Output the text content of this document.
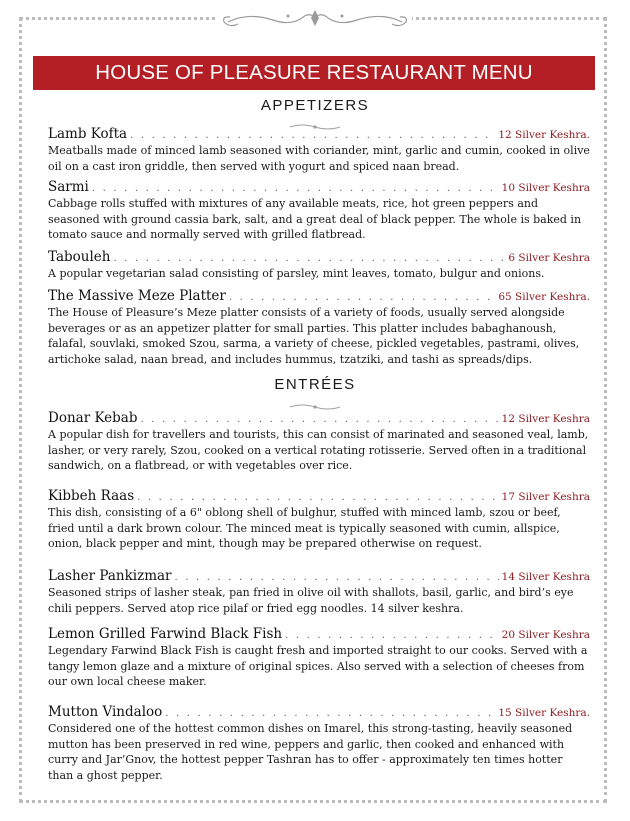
HOUSE OF PLEASURE RESTAURANT MENU
APPETIZERS
Lamb Kofta . . .	12 Silver Keshra.
Meatballs made of minced lamb seasoned with coriander, mint, garlic and cumin, cooked in olive oil on a cast iron griddle, then served with yogurt and spiced naan bread.
Sarmi . . .	10 Silver Keshra
Cabbage rolls stuffed with mixtures of any available meats, rice, hot green peppers and seasoned with ground cassia bark, salt, and a great deal of black pepper. The whole is baked in tomato sauce and normally served with grilled flatbread.
Tabouleh . . .	6 Silver Keshra
A popular vegetarian salad consisting of parsley, mint leaves, tomato, bulgur and onions.
The Massive Meze Platter . . .	65 Silver Keshra.
The House of Pleasure’s Meze platter consists of a variety of foods, usually served alongside beverages or as an appetizer platter for small parties. This platter includes babaghanoush, falafal, souvlaki, smoked Szou, sarma, a variety of cheese, pickled vegetables, pastrami, olives, artichoke salad, naan bread, and includes hummus, tzatziki, and tashi as spreads/dips.
ENTRÉES
Donar Kebab . . .	12 Silver Keshra
A popular dish for travellers and tourists, this can consist of marinated and seasoned veal, lamb, lasher, or very rarely, Szou, cooked on a vertical rotating rotisserie. Served often in a traditional sandwich, on a flatbread, or with vegetables over rice.
Kibbeh Raas . . .	17 Silver Keshra
This dish, consisting of a 6" oblong shell of bulghur, stuffed with minced lamb, szou or beef, fried until a dark brown colour. The minced meat is typically seasoned with cumin, allspice, onion, black pepper and mint, though may be prepared otherwise on request.
Lasher Pankizmar . . .	14 Silver Keshra
Seasoned strips of lasher steak, pan fried in olive oil with shallots, basil, garlic, and bird’s eye chili peppers. Served atop rice pilaf or fried egg noodles. 14 silver keshra.
Lemon Grilled Farwind Black Fish . . .	20 Silver Keshra
Legendary Farwind Black Fish is caught fresh and imported straight to our cooks. Served with a tangy lemon glaze and a mixture of original spices. Also served with a selection of cheeses from our own local cheese maker.
Mutton Vindaloo . . .	15 Silver Keshra.
Considered one of the hottest common dishes on Imarel, this strong-tasting, heavily seasoned mutton has been preserved in red wine, peppers and garlic, then cooked and enhanced with curry and Jar’Gnov, the hottest pepper Tashran has to offer - approximately ten times hotter than a ghost pepper.
